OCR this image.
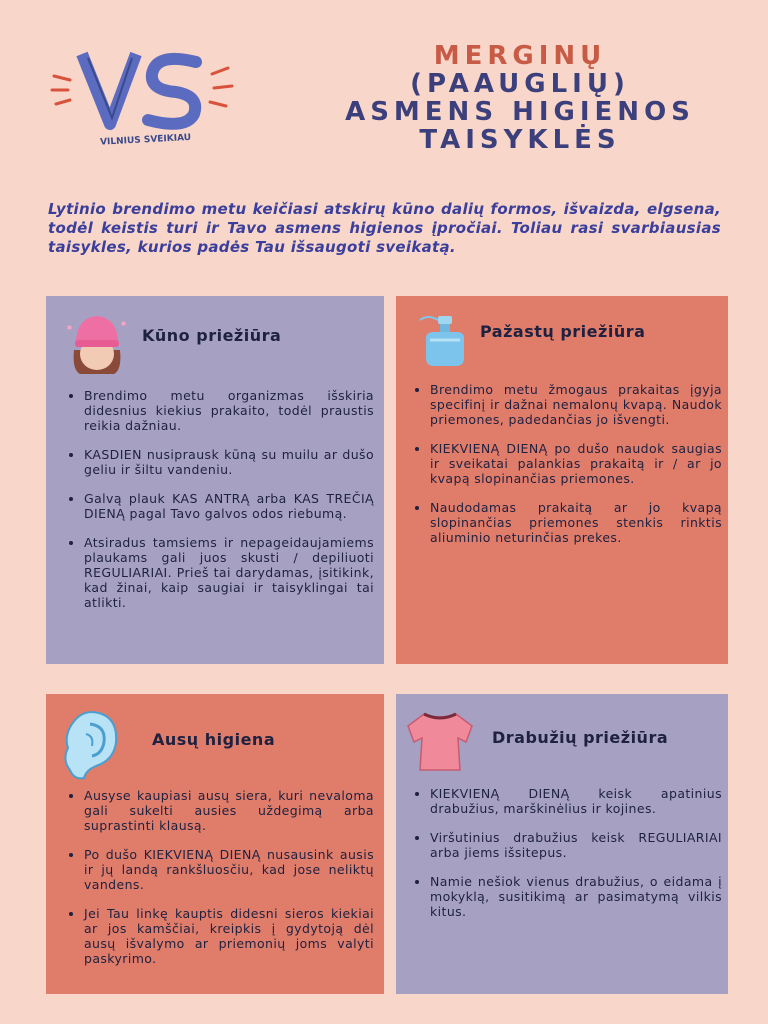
VILNIUS SVEIKIAU
MERGINŲ
(PAAUGLIŲ)
ASMENS HIGIENOS
TAISYKLĖS
Lytinio brendimo metu keičiasi atskirų kūno dalių formos, išvaizda, elgsena, todėl keistis turi ir Tavo asmens higienos įpročiai. Toliau rasi svarbiausias taisykles, kurios padės Tau išsaugoti sveikatą.
Kūno priežiūra
• Brendimo metu organizmas išskiria didesnius kiekius prakaito, todėl praustis reikia dažniau.
• KASDIEN nusiprausk kūną su muilu ar dušo geliu ir šiltu vandeniu.
• Galvą plauk KAS ANTRĄ arba KAS TREČIĄ DIENĄ pagal Tavo galvos odos riebumą.
• Atsiradus tamsiems ir nepageidaujamiems plaukams gali juos skusti / depiliuoti REGULIARIAI. Prieš tai darydamas, įsitikink, kad žinai, kaip saugiai ir taisyklingai tai atlikti.
Pažastų priežiūra
• Brendimo metu žmogaus prakaitas įgyja specifinį ir dažnai nemalonų kvapą. Naudok priemones, padedančias jo išvengti.
• KIEKVIENĄ DIENĄ po dušo naudok saugias ir sveikatai palankias prakaitą ir / ar jo kvapą slopinančias priemones.
• Naudodamas prakaitą ar jo kvapą slopinančias priemones stenkis rinktis aliuminio neturinčias prekes.
Ausų higiena
• Ausyse kaupiasi ausų siera, kuri nevaloma gali sukelti ausies uždegimą arba suprastinti klausą.
• Po dušo KIEKVIENĄ DIENĄ nusausink ausis ir jų landą rankšluosčiu, kad jose neliktų vandens.
• Jei Tau linkę kauptis didesni sieros kiekiai ar jos kamščiai, kreipkis į gydytoją dėl ausų išvalymo ar priemonių joms valyti paskyrimo.
Drabužių priežiūra
• KIEKVIENĄ DIENĄ keisk apatinius drabužius, marškinėlius ir kojines.
• Viršutinius drabužius keisk REGULIARIAI arba jiems išsitepus.
• Namie nešiok vienus drabužius, o eidama į mokyklą, susitikimą ar pasimatymą vilkis kitus.
